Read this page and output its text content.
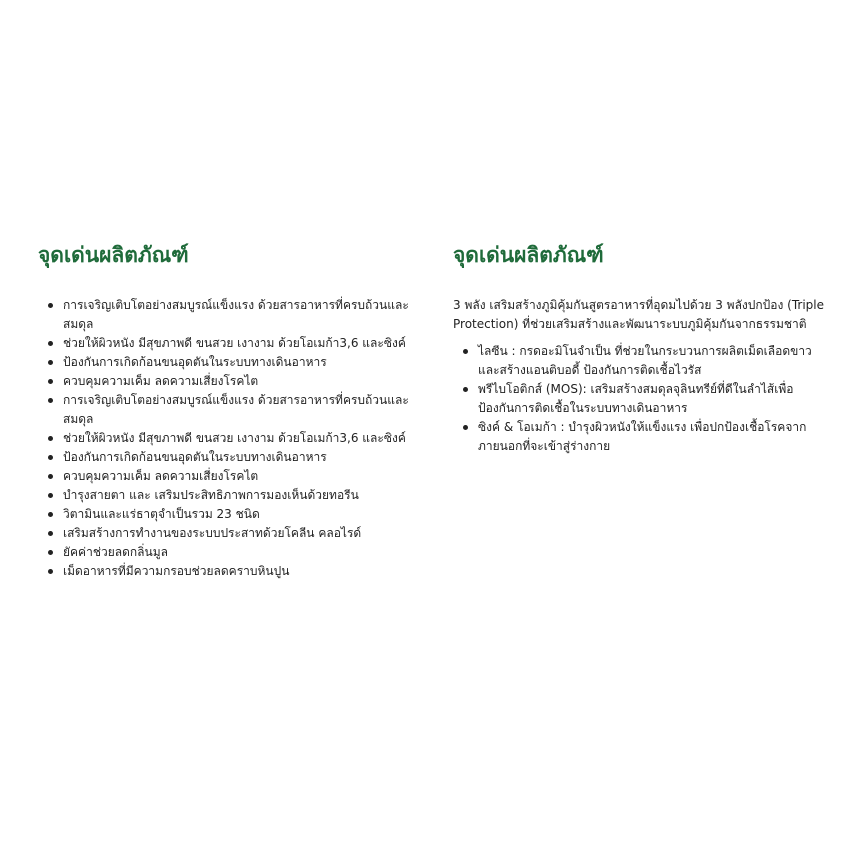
จุดเด่นผลิตภัณฑ์
การเจริญเติบโตอย่างสมบูรณ์แข็งแรง ด้วยสารอาหารที่ครบถ้วนและสมดุล
ช่วยให้ผิวหนัง มีสุขภาพดี ขนสวย เงางาม ด้วยโอเมก้า3,6 และซิงค์
ป้องกันการเกิดก้อนขนอุดตันในระบบทางเดินอาหาร
ควบคุมความเค็ม ลดความเสี่ยงโรคไต
การเจริญเติบโตอย่างสมบูรณ์แข็งแรง ด้วยสารอาหารที่ครบถ้วนและสมดุล
ช่วยให้ผิวหนัง มีสุขภาพดี ขนสวย เงางาม ด้วยโอเมก้า3,6 และซิงค์
ป้องกันการเกิดก้อนขนอุดตันในระบบทางเดินอาหาร
ควบคุมความเค็ม ลดความเสี่ยงโรคไต
บำรุงสายตา และ เสริมประสิทธิภาพการมองเห็นด้วยทอรีน
วิตามินและแร่ธาตุจำเป็นรวม 23 ชนิด
เสริมสร้างการทำงานของระบบประสาทด้วยโคลีน คลอไรด์
ยัคค่าช่วยลดกลิ่นมูล
เม็ดอาหารที่มีความกรอบช่วยลดคราบหินปูน
จุดเด่นผลิตภัณฑ์

3 พลัง เสริมสร้างภูมิคุ้มกันสูตรอาหารที่อุดมไปด้วย 3 พลังปกป้อง (Triple Protection) ที่ช่วยเสริมสร้างและพัฒนาระบบภูมิคุ้มกันจากธรรมชาติ

ไลซีน : กรดอะมิโนจำเป็น ที่ช่วยในกระบวนการผลิตเม็ดเลือดขาวและสร้างแอนติบอดี้ ป้องกันการติดเชื้อไวรัส
พรีไบโอติกส์ (MOS): เสริมสร้างสมดุลจุลินทรีย์ที่ดีในลำไส้เพื่อป้องกันการติดเชื้อในระบบทางเดินอาหาร
ซิงค์ & โอเมก้า : บำรุงผิวหนังให้แข็งแรง เพื่อปกป้องเชื้อโรคจากภายนอกที่จะเข้าสู่ร่างกาย
